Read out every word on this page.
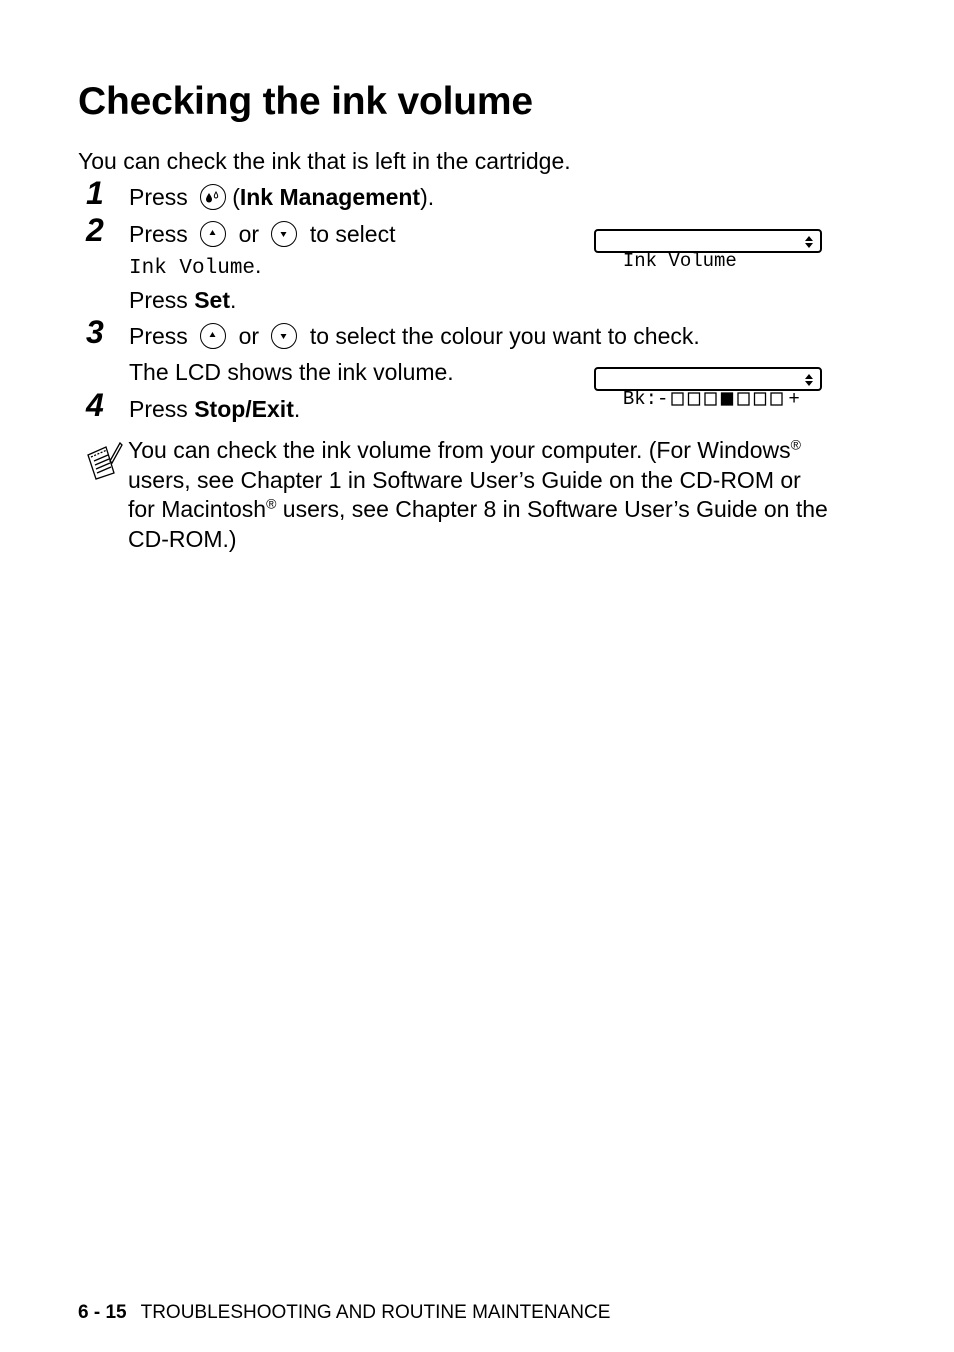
Checking the ink volume
You can check the ink that is left in the cartridge.
1 Press (Ink Management).
2 Press or to select
Ink Volume.
Press Set.

Ink Volume

3 Press or to select the colour you want to check.
The LCD shows the ink volume.

Bk:-	+

4 Press Stop/Exit.
You can check the ink volume from your computer. (For Windows® users, see Chapter 1 in Software User’s Guide on the CD-ROM or for Macintosh® users, see Chapter 8 in Software User’s Guide on the CD-ROM.)
6 - 15 TROUBLESHOOTING AND ROUTINE MAINTENANCE
